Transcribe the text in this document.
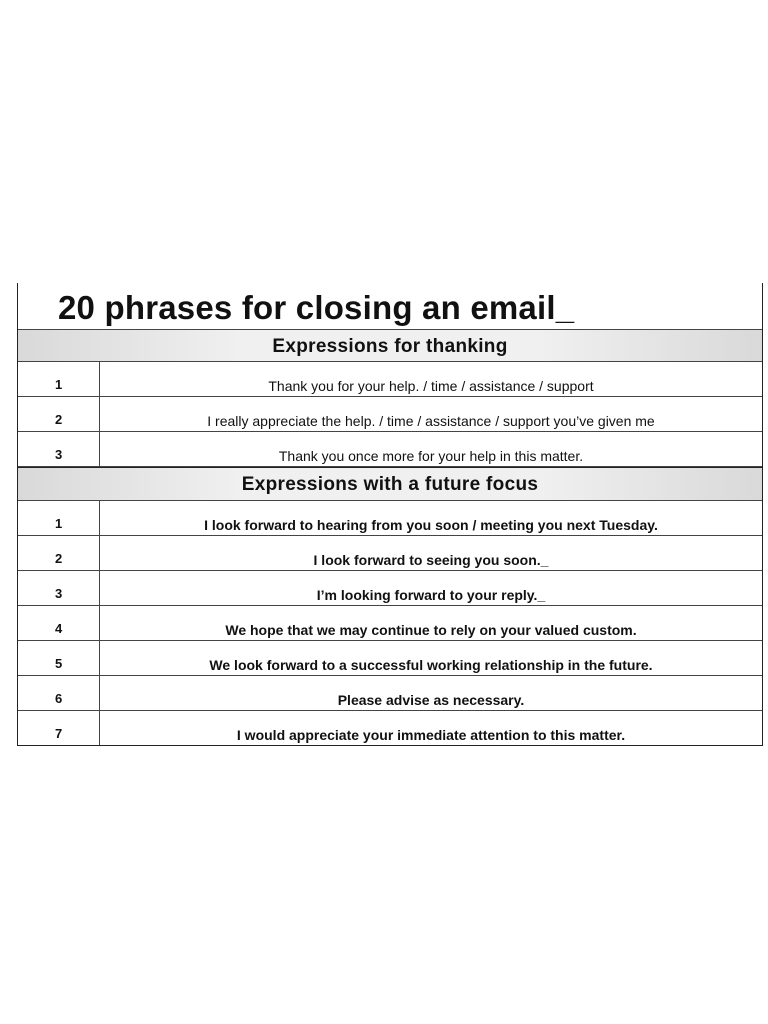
20 phrases for closing an email_
Expressions for thanking
1	Thank you for your help. / time / assistance / support
2	I really appreciate the help. / time / assistance / support you’ve given me
3	Thank you once more for your help in this matter.
Expressions with a future focus
1	I look forward to hearing from you soon / meeting you next Tuesday.
2	I look forward to seeing you soon._
3	I’m looking forward to your reply._
4	We hope that we may continue to rely on your valued custom.
5	We look forward to a successful working relationship in the future.
6	Please advise as necessary.
7	I would appreciate your immediate attention to this matter.
